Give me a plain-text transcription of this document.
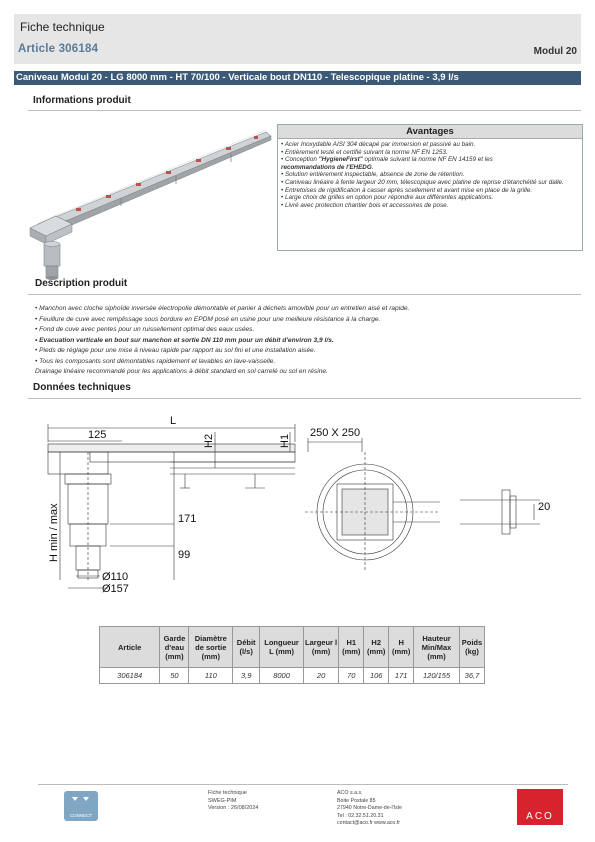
Fiche technique
Article 306184	Modul 20
Caniveau Modul 20 - LG 8000 mm - HT 70/100 - Verticale bout DN110 - Telescopique platine - 3,9 l/s
Informations produit
Avantages
• Acier Inoxydable AISI 304 décapé par immersion et passivé au bain.
• Entièrement testé et certifié suivant la norme NF EN 1253.
• Conception "HygieneFirst" optimale suivant la norme NF EN 14159 et les
recommandations de l'EHEDG.
• Solution entièrement inspectable, absence de zone de rétention.
• Caniveau linéaire à fente largeur 20 mm, télescopique avec platine de reprise d'étanchéité sur dalle.
• Entretoises de rigidification à casser après scellement et avant mise en place de la grille.
• Large choix de grilles en option pour répondre aux différentes applications.
• Livré avec protection chantier bois et accessoires de pose.
Description produit
• Manchon avec cloche siphoïde inversée électropolie démontable et panier à déchets amovible pour un entretien aisé et rapide.
• Feuillure de cuve avec remplissage sous bordure en EPDM posé en usine pour une meilleure résistance à la charge.
• Fond de cuve avec pentes pour un ruissellement optimal des eaux usées.
• Evacuation verticale en bout sur manchon et sortie DN 110 mm pour un débit d'environ 3,9 l/s.
• Pieds de réglage pour une mise à niveau rapide par rapport au sol fini et une installation aisée.
• Tous les composants sont démontables rapidement et lavables en lave-vaisselle.
Drainage linéaire recommandé pour les applications à débit standard en sol carrelé ou sol en résine.
Données techniques
L
125	H2	H1
H min / max	171
99
Ø110
Ø157
250 X 250
20
Article	Garde d'eau (mm)	Diamètre de sortie (mm)	Débit (l/s)	Longueur L (mm)	Largeur l (mm)	H1 (mm)	H2 (mm)	H (mm)	Hauteur Min/Max (mm)	Poids (kg)
306184	50	110	3,9	8000	20	70	106	171	120/155	36,7
CONNECT
Fiche technique
SWEG-PIM
Version : 26/08/2024
ACO s.a.s.
Boite Postale 85
27940 Notre-Dame-de-l'Isle
Tel : 02.32.51.20.31
contact@aco.fr www.aco.fr
ACO
